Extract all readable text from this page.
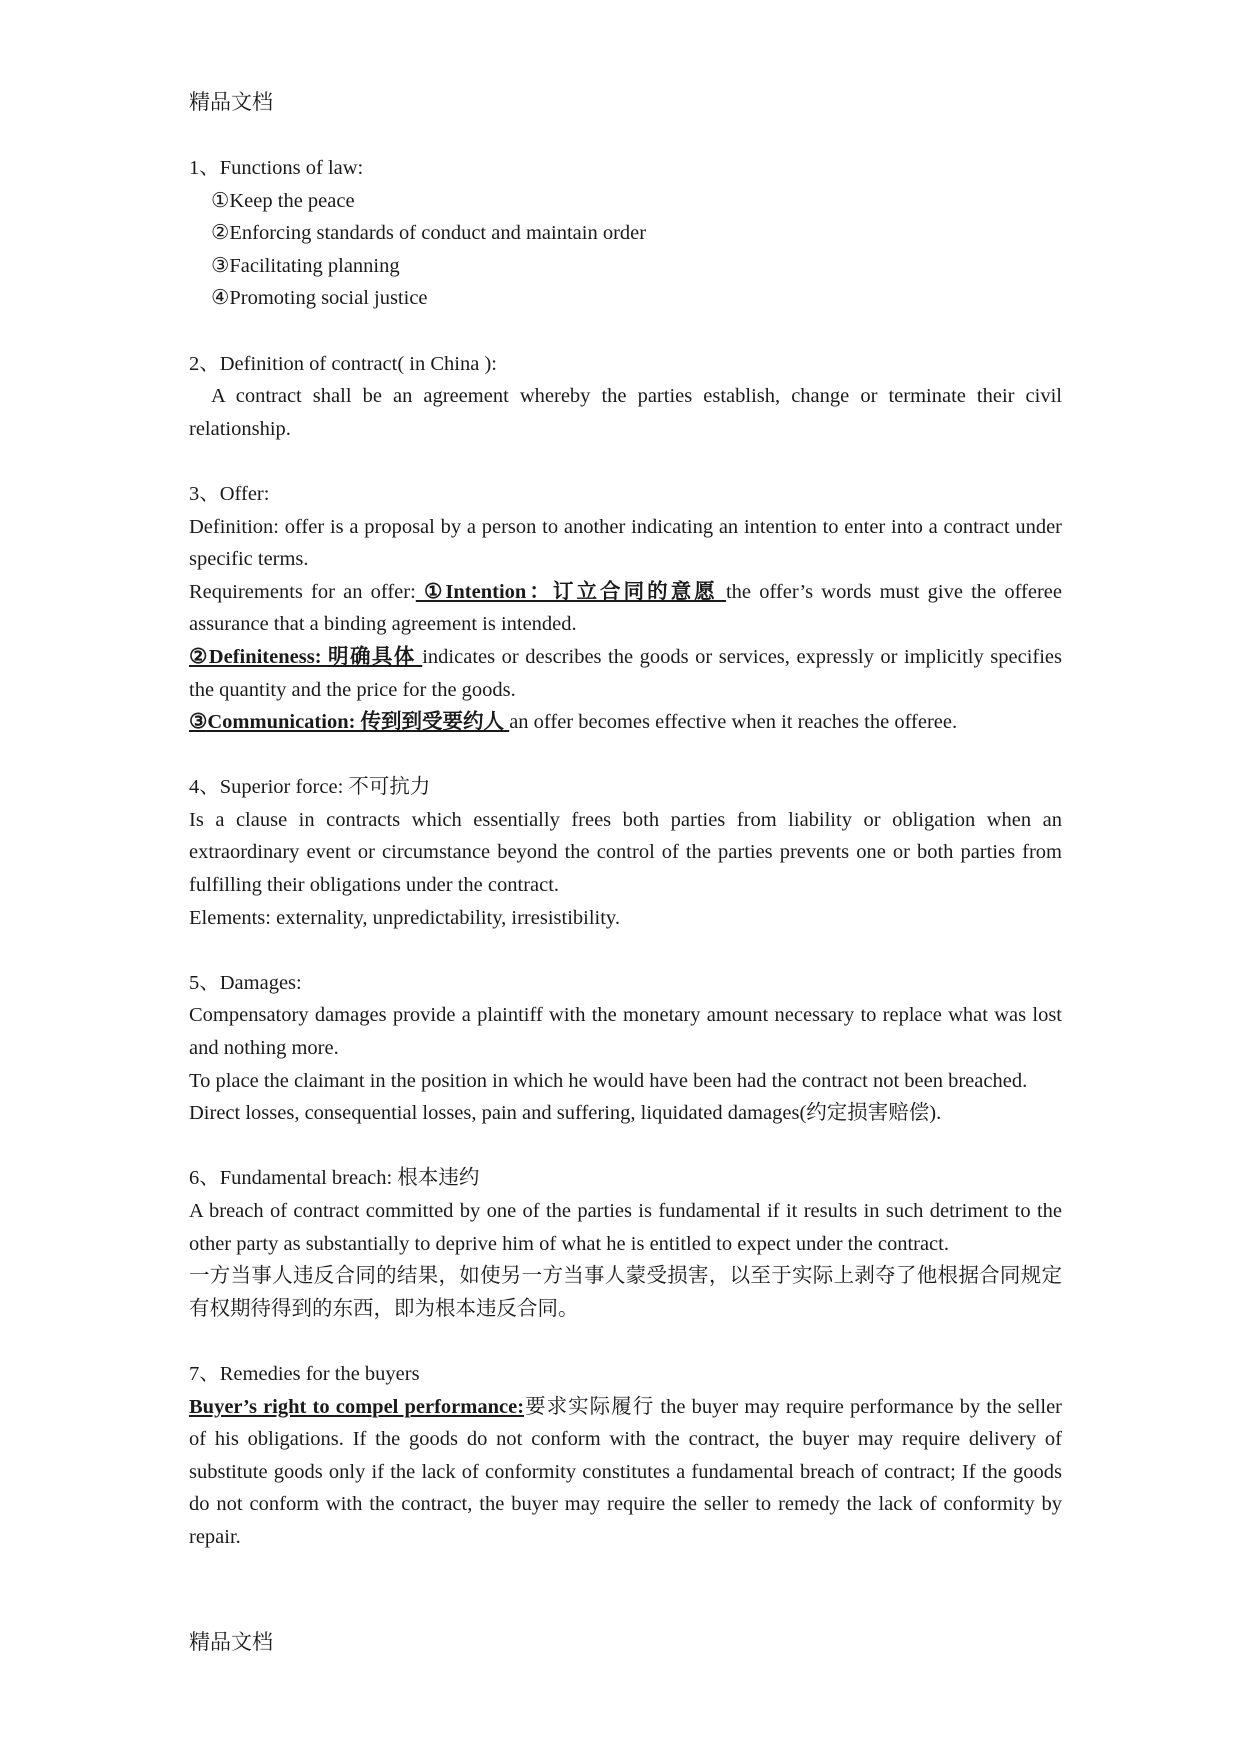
精品文档

1、Functions of law:

①Keep the peace

②Enforcing standards of conduct and maintain order

③Facilitating planning

④Promoting social justice

2、Definition of contract( in China ):

A contract shall be an agreement whereby the parties establish, change or terminate their civil relationship.

3、Offer:

Definition: offer is a proposal by a person to another indicating an intention to enter into a contract under specific terms.

Requirements for an offer: ①Intention：订立合同的意愿 the offer’s words must give the offeree assurance that a binding agreement is intended.

②Definiteness: 明确具体 indicates or describes the goods or services, expressly or implicitly specifies the quantity and the price for the goods.

③Communication: 传到到受要约人 an offer becomes effective when it reaches the offeree.

4、Superior force: 不可抗力

Is a clause in contracts which essentially frees both parties from liability or obligation when an extraordinary event or circumstance beyond the control of the parties prevents one or both parties from fulfilling their obligations under the contract.

Elements: externality, unpredictability, irresistibility.

5、Damages:

Compensatory damages provide a plaintiff with the monetary amount necessary to replace what was lost and nothing more.

To place the claimant in the position in which he would have been had the contract not been breached.

Direct losses, consequential losses, pain and suffering, liquidated damages(约定损害赔偿).

6、Fundamental breach: 根本违约

A breach of contract committed by one of the parties is fundamental if it results in such detriment to the other party as substantially to deprive him of what he is entitled to expect under the contract.

一方当事人违反合同的结果，如使另一方当事人蒙受损害，以至于实际上剥夺了他根据合同规定有权期待得到的东西，即为根本违反合同。

7、Remedies for the buyers

Buyer’s right to compel performance:要求实际履行 the buyer may require performance by the seller of his obligations. If the goods do not conform with the contract, the buyer may require delivery of substitute goods only if the lack of conformity constitutes a fundamental breach of contract; If the goods do not conform with the contract, the buyer may require the seller to remedy the lack of conformity by repair.

精品文档
